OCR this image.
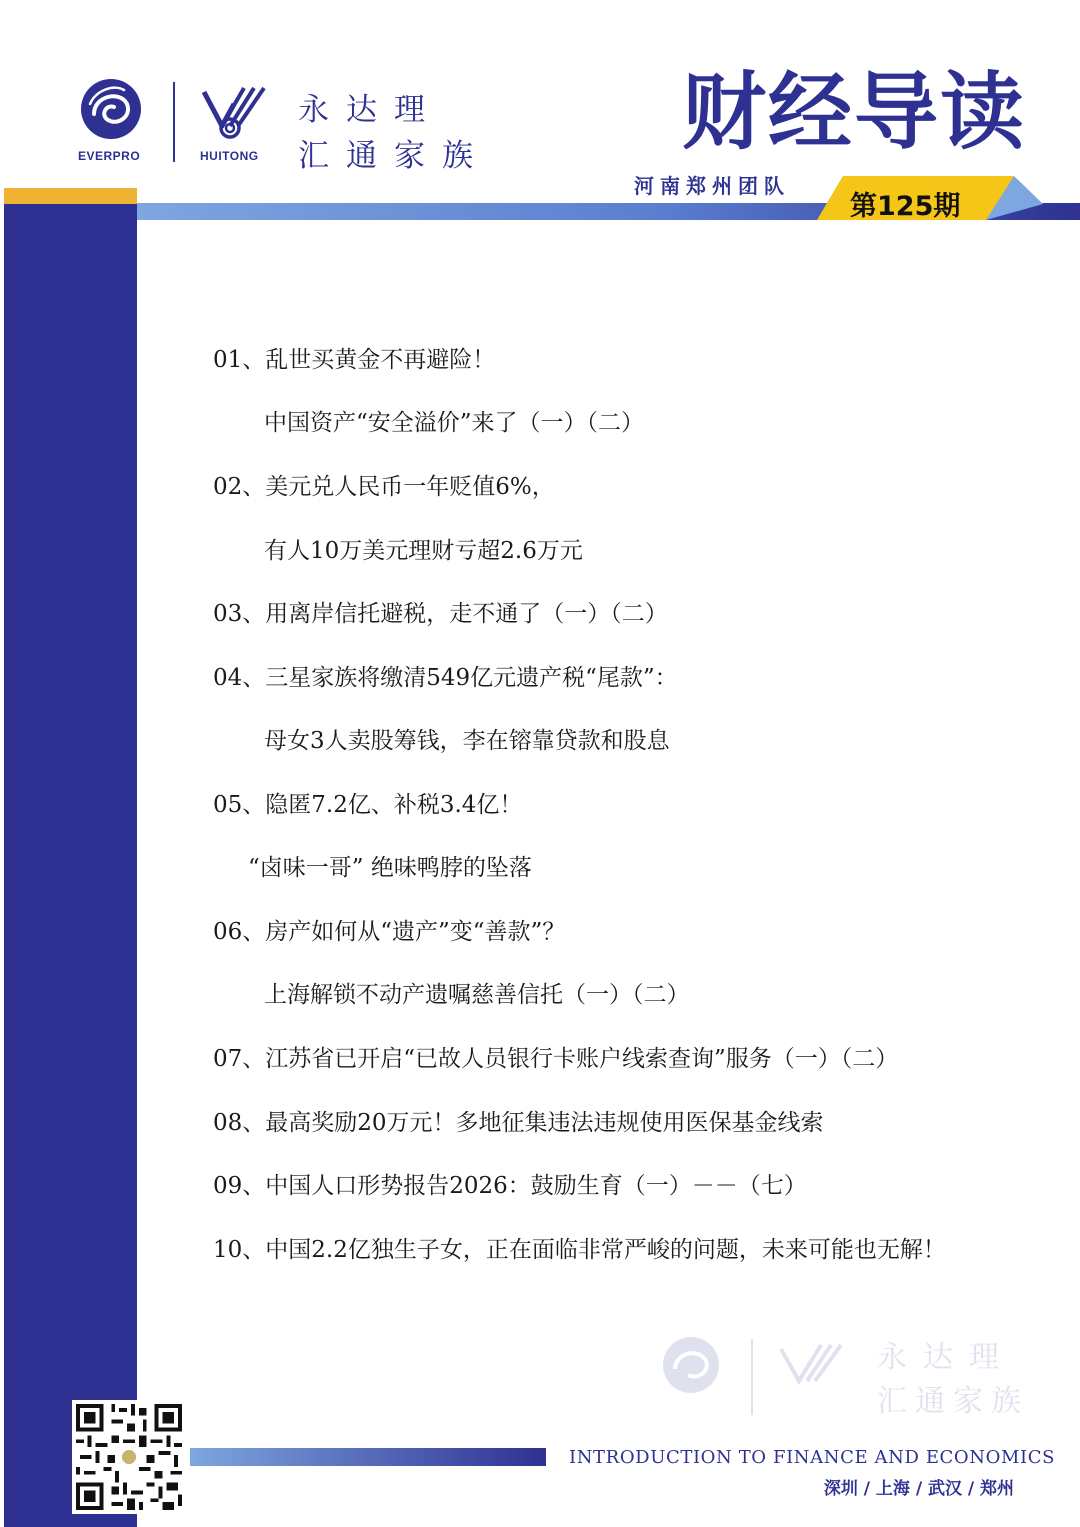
EVERPRO	HUITONG
永达理
汇通家族 财经导读
河南郑州团队
第125期
01、乱世买黄金不再避险！
中国资产“安全溢价”来了（一）（二）
02、美元兑人民币一年贬值6%，
有人10万美元理财亏超2.6万元
03、用离岸信托避税，走不通了（一）（二）
04、三星家族将缴清549亿元遗产税“尾款”：
母女3人卖股筹钱，李在镕靠贷款和股息
05、隐匿7.2亿、补税3.4亿！
“卤味一哥” 绝味鸭脖的坠落
06、房产如何从“遗产”变“善款”？
上海解锁不动产遗嘱慈善信托（一）（二）
07、江苏省已开启“已故人员银行卡账户线索查询”服务（一）（二）
08、最高奖励20万元！多地征集违法违规使用医保基金线索
09、中国人口形势报告2026：鼓励生育（一）－－（七）
10、中国2.2亿独生子女，正在面临非常严峻的问题，未来可能也无解！
永达理
汇通家族
INTRODUCTION TO FINANCE AND ECONOMICS
深圳 / 上海 / 武汉 / 郑州
